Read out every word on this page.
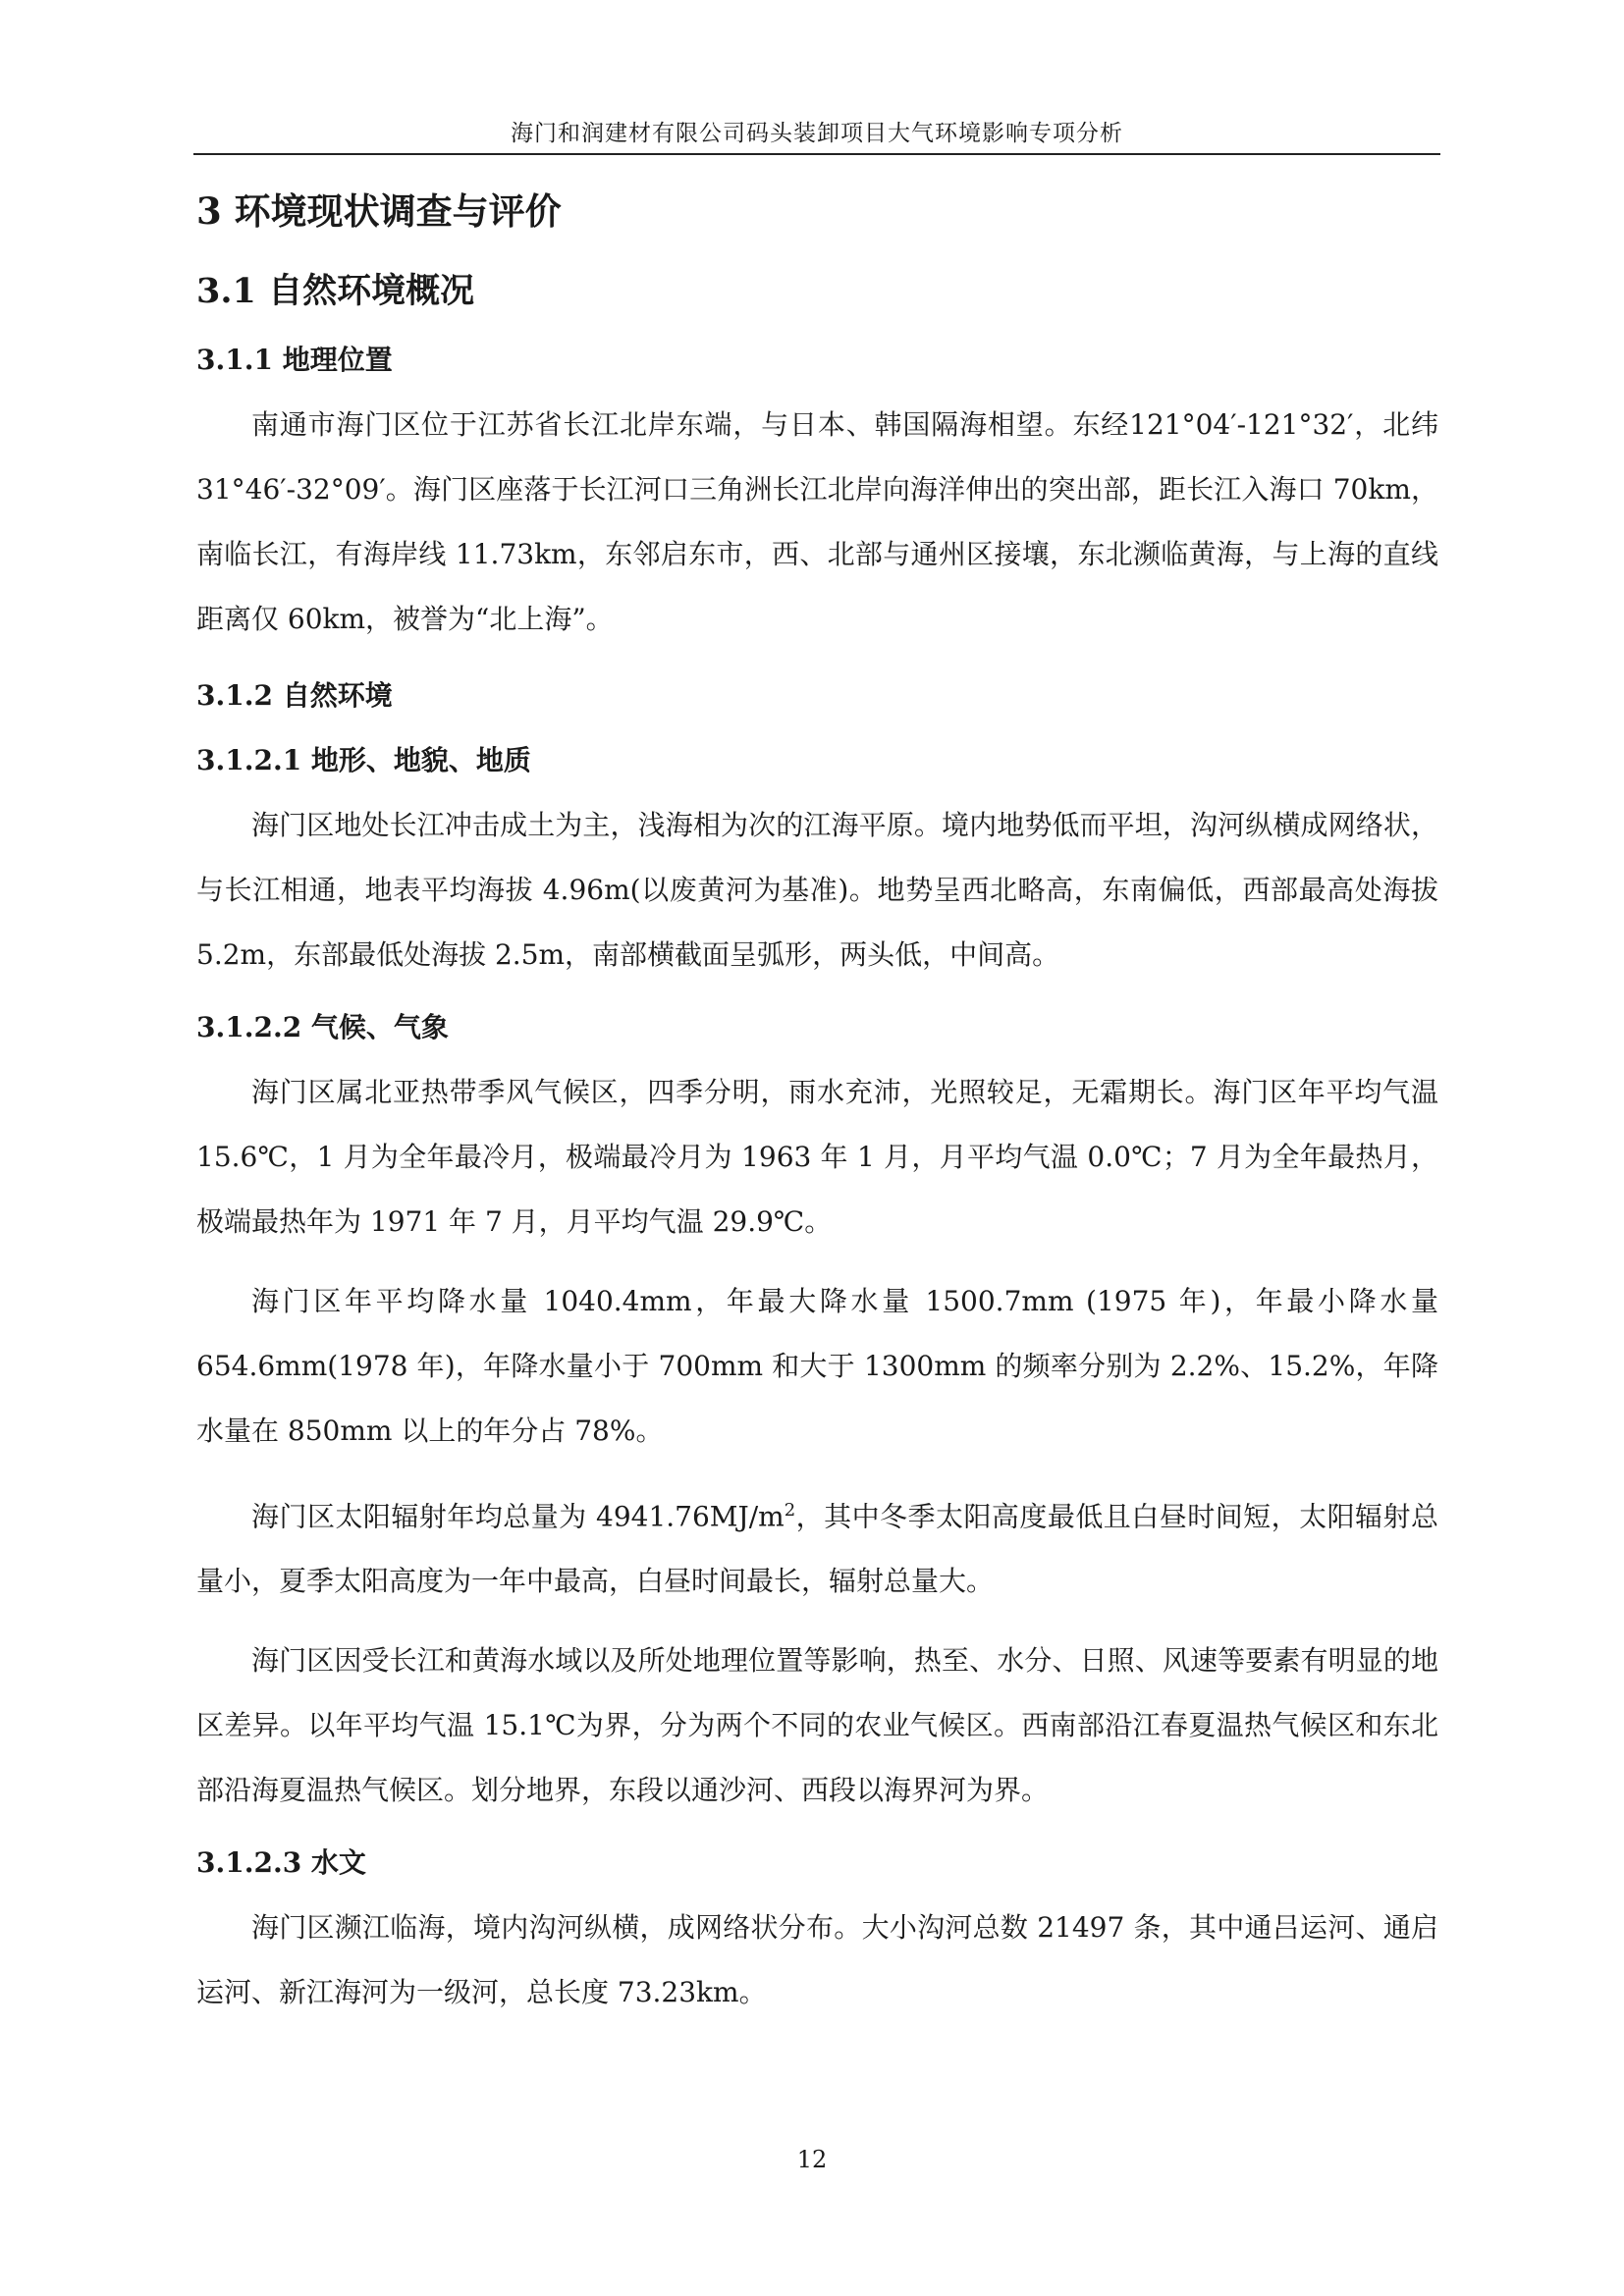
海门和润建材有限公司码头装卸项目大气环境影响专项分析
3 环境现状调查与评价
3.1 自然环境概况
3.1.1 地理位置

南通市海门区位于江苏省长江北岸东端，与日本、韩国隔海相望。东经121°04′-121°32′，北纬 31°46′-32°09′。海门区座落于长江河口三角洲长江北岸向海洋伸出的突出部，距长江入海口 70km，南临长江，有海岸线 11.73km，东邻启东市，西、北部与通州区接壤，东北濒临黄海，与上海的直线距离仅 60km，被誉为“北上海”。

3.1.2 自然环境
3.1.2.1 地形、地貌、地质

海门区地处长江冲击成土为主，浅海相为次的江海平原。境内地势低而平坦，沟河纵横成网络状，与长江相通，地表平均海拔 4.96m(以废黄河为基准)。地势呈西北略高，东南偏低，西部最高处海拔 5.2m，东部最低处海拔 2.5m，南部横截面呈弧形，两头低，中间高。

3.1.2.2 气候、气象

海门区属北亚热带季风气候区，四季分明，雨水充沛，光照较足，无霜期长。海门区年平均气温 15.6℃，1 月为全年最冷月，极端最冷月为 1963 年 1 月，月平均气温 0.0℃；7 月为全年最热月，极端最热年为 1971 年 7 月，月平均气温 29.9℃。

海门区年平均降水量 1040.4mm，年最大降水量 1500.7mm (1975 年)，年最小降水量 654.6mm(1978 年)，年降水量小于 700mm 和大于 1300mm 的频率分别为 2.2%、15.2%，年降水量在 850mm 以上的年分占 78%。

海门区太阳辐射年均总量为 $4941.76MJ/m^2$，其中冬季太阳高度最低且白昼时间短，太阳辐射总量小，夏季太阳高度为一年中最高，白昼时间最长，辐射总量大。

海门区因受长江和黄海水域以及所处地理位置等影响，热至、水分、日照、风速等要素有明显的地区差异。以年平均气温 15.1℃为界，分为两个不同的农业气候区。西南部沿江春夏温热气候区和东北部沿海夏温热气候区。划分地界，东段以通沙河、西段以海界河为界。

3.1.2.3 水文

海门区濒江临海，境内沟河纵横，成网络状分布。大小沟河总数 21497 条，其中通吕运河、通启运河、新江海河为一级河，总长度 73.23km。

12
